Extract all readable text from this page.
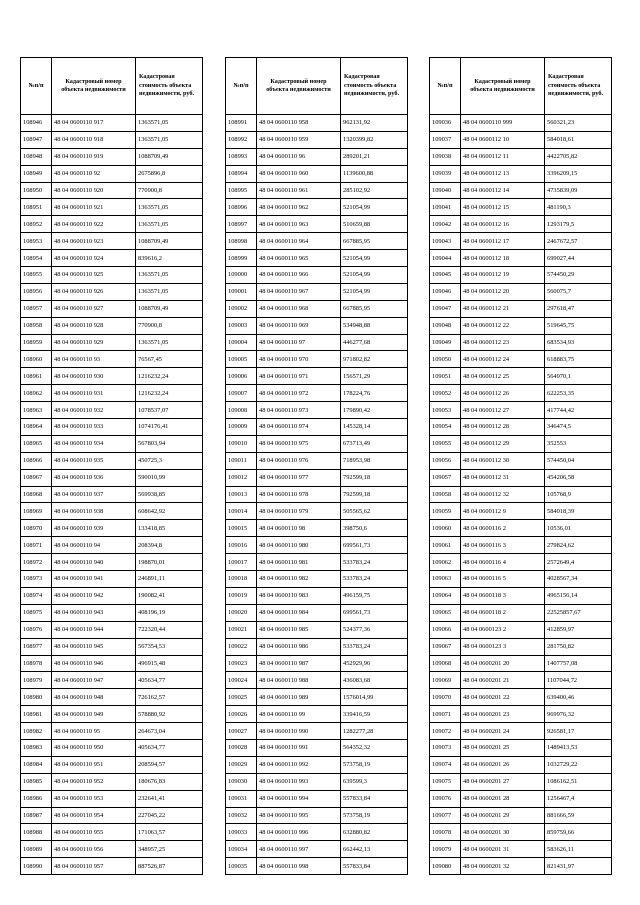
№п/п	Кадастровый номер объекта недвижимости	Кадастровая стоимость объекта недвижимости, руб.
108946	48 04 0600110 917	1363571,05
108947	48 04 0600110 918	1363571,05
108948	48 04 0600110 919	1088709,49
108949	48 04 0600110 92	2675896,8
108950	48 04 0600110 920	770900,8
108951	48 04 0600110 921	1363571,05
108952	48 04 0600110 922	1363571,05
108953	48 04 0600110 923	1088709,49
108954	48 04 0600110 924	839616,2
108955	48 04 0600110 925	1363571,05
108956	48 04 0600110 926	1363571,05
108957	48 04 0600110 927	1088709,49
108958	48 04 0600110 928	770900,8
108959	48 04 0600110 929	1363571,05
108960	48 04 0600110 93	76567,45
108961	48 04 0600110 930	1216232,24
108962	48 04 0600110 931	1216232,24
108963	48 04 0600110 932	1078537,07
108964	48 04 0600110 933	1074176,41
108965	48 04 0600110 934	567803,94
108966	48 04 0600110 935	450725,3
108967	48 04 0600110 936	590010,99
108968	48 04 0600110 937	569938,85
108969	48 04 0600110 938	608642,92
108970	48 04 0600110 939	133418,85
108971	48 04 0600110 94	208394,8
108972	48 04 0600110 940	198870,01
108973	48 04 0600110 941	246891,11
108974	48 04 0600110 942	190082,41
108975	48 04 0600110 943	408196,19
108976	48 04 0600110 944	722320,44
108977	48 04 0600110 945	567354,53
108978	48 04 0600110 946	496915,48
108979	48 04 0600110 947	405634,77
108980	48 04 0600110 948	726162,57
108981	48 04 0600110 949	578880,92
108982	48 04 0600110 95	264673,04
108983	48 04 0600110 950	405634,77
108984	48 04 0600110 951	208594,57
108985	48 04 0600110 952	180676,83
108986	48 04 0600110 953	232641,41
108987	48 04 0600110 954	227045,22
108988	48 04 0600110 955	171063,57
108989	48 04 0600110 956	348957,25
108990	48 04 0600110 957	887526,87
№п/п	Кадастровый номер объекта недвижимости	Кадастровая стоимость объекта недвижимости, руб.
108991	48 04 0600110 958	962131,92
108992	48 04 0600110 959	1320399,82
108993	48 04 0600110 96	289201,21
108994	48 04 0600110 960	1139600,88
108995	48 04 0600110 961	285102,92
108996	48 04 0600110 962	521054,99
108997	48 04 0600110 963	510659,88
108998	48 04 0600110 964	667885,95
108999	48 04 0600110 965	521054,99
109000	48 04 0600110 966	521054,99
109001	48 04 0600110 967	521054,99
109002	48 04 0600110 968	667885,95
109003	48 04 0600110 969	534948,88
109004	48 04 0600110 97	446277,68
109005	48 04 0600110 970	971802,82
109006	48 04 0600110 971	156571,29
109007	48 04 0600110 972	178224,76
109008	48 04 0600110 973	179890,42
109009	48 04 0600110 974	145328,14
109010	48 04 0600110 975	673713,49
109011	48 04 0600110 976	718953,98
109012	48 04 0600110 977	792599,18
109013	48 04 0600110 978	792599,18
109014	48 04 0600110 979	505565,62
109015	48 04 0600110 98	398750,6
109016	48 04 0600110 980	699561,73
109017	48 04 0600110 981	533783,24
109018	48 04 0600110 982	533783,24
109019	48 04 0600110 983	496159,75
109020	48 04 0600110 984	699561,73
109021	48 04 0600110 985	524377,36
109022	48 04 0600110 986	533783,24
109023	48 04 0600110 987	452929,96
109024	48 04 0600110 988	436083,68
109025	48 04 0600110 989	1576014,99
109026	48 04 0600110 99	339416,59
109027	48 04 0600110 990	1282277,28
109028	48 04 0600110 991	564352,32
109029	48 04 0600110 992	573758,19
109030	48 04 0600110 993	639599,3
109031	48 04 0600110 994	557833,84
109032	48 04 0600110 995	573758,19
109033	48 04 0600110 996	632880,82
109034	48 04 0600110 997	662442,13
109035	48 04 0600110 998	557833,84
№п/п	Кадастровый номер объекта недвижимости	Кадастровая стоимость объекта недвижимости, руб.
109036	48 04 0600110 999	560321,23
109037	48 04 0600112 10	584018,61
109038	48 04 0600112 11	4422705,82
109039	48 04 0600112 13	3396209,15
109040	48 04 0600112 14	4735839,09
109041	48 04 0600112 15	481190,3
109042	48 04 0600112 16	1293179,5
109043	48 04 0600112 17	2467672,57
109044	48 04 0600112 18	699027,44
109045	48 04 0600112 19	574450,29
109046	48 04 0600112 20	560075,7
109047	48 04 0600112 21	297618,47
109048	48 04 0600112 22	519645,75
109049	48 04 0600112 23	683534,93
109050	48 04 0600112 24	618883,75
109051	48 04 0600112 25	564970,1
109052	48 04 0600112 26	622253,35
109053	48 04 0600112 27	417744,42
109054	48 04 0600112 28	346474,5
109055	48 04 0600112 29	352553
109056	48 04 0600112 30	574450,04
109057	48 04 0600112 31	454206,58
109058	48 04 0600112 32	105768,9
109059	48 04 0600112 9	584018,39
109060	48 04 0600116 2	10536,01
109061	48 04 0600116 3	279824,62
109062	48 04 0600116 4	2572649,4
109063	48 04 0600116 5	4028567,34
109064	48 04 0600118 3	4965156,14
109065	48 04 0600118 2	22525857,67
109066	48 04 0600123 2	412859,97
109067	48 04 0600123 3	281750,82
109068	48 04 0600201 20	1407757,08
109069	48 04 0600201 21	1107044,72
109070	48 04 0600201 22	639400,46
109071	48 04 0600201 23	969976,32
109072	48 04 0600201 24	926581,17
109073	48 04 0600201 25	1489413,53
109074	48 04 0600201 26	1032729,22
109075	48 04 0600201 27	1086162,51
109076	48 04 0600201 28	1256467,4
109077	48 04 0600201 29	881666,59
109078	48 04 0600201 30	859759,66
109079	48 04 0600201 31	583626,11
109080	48 04 0600201 32	821431,97
